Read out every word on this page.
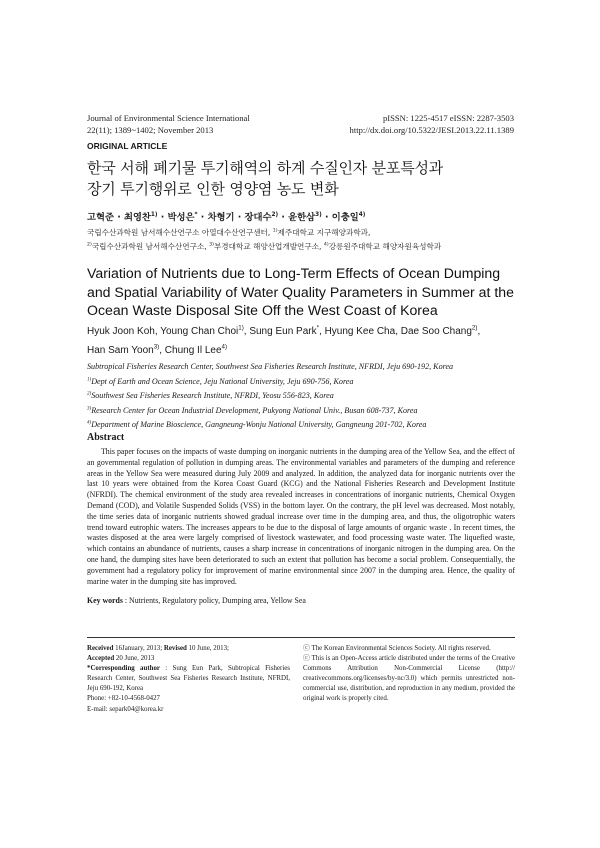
Journal of Environmental Science International
22(11); 1389~1402; November 2013
pISSN: 1225-4517 eISSN: 2287-3503
http://dx.doi.org/10.5322/JESI.2013.22.11.1389
ORIGINAL ARTICLE
한국 서해 폐기물 투기해역의 하계 수질인자 분포특성과
장기 투기행위로 인한 영양염 농도 변화
고혁준 · 최영찬$^{1)}$ · 박성은* · 차형기 · 장대수$^{2)}$ · 윤한삼$^{3)}$ · 이충일$^{4)}$
국립수산과학원 남서해수산연구소 아열대수산연구센터, $^{1)}$제주대학교 지구해양과학과,
$^{2)}$국립수산과학원 남서해수산연구소, $^{3)}$부경대학교 해양산업개발연구소, $^{4)}$강릉원주대학교 해양자원육성학과
Variation of Nutrients due to Long-Term Effects of Ocean Dumping and Spatial Variability of Water Quality Parameters in Summer at the Ocean Waste Disposal Site Off the West Coast of Korea
Hyuk Joon Koh, Young Chan Choi$^{1)}$, Sung Eun Park*, Hyung Kee Cha, Dae Soo Chang$^{2)}$,
Han Sam Yoon$^{3)}$, Chung Il Lee$^{4)}$
Subtropical Fisheries Research Center, Southwest Sea Fisheries Research Institute, NFRDI, Jeju 690-192, Korea
$^{1)}$Dept of Earth and Ocean Science, Jeju National University, Jeju 690-756, Korea
$^{2)}$Southwest Sea Fisheries Research Institute, NFRDI, Yeosu 556-823, Korea
$^{3)}$Research Center for Ocean Industrial Development, Pukyong National Univ., Busan 608-737, Korea
$^{4)}$Department of Marine Bioscience, Gangneung-Wonju National University, Gangneung 201-702, Korea
Abstract
This paper focuses on the impacts of waste dumping on inorganic nutrients in the dumping area of the Yellow Sea, and the effect of an governmental regulation of pollution in dumping areas. The environmental variables and parameters of the dumping and reference areas in the Yellow Sea were measured during July 2009 and analyzed. In addition, the analyzed data for inorganic nutrients over the last 10 years were obtained from the Korea Coast Guard (KCG) and the National Fisheries Research and Development Institute (NFRDI). The chemical environment of the study area revealed increases in concentrations of inorganic nutrients, Chemical Oxygen Demand (COD), and Volatile Suspended Solids (VSS) in the bottom layer. On the contrary, the pH level was decreased. Most notably, the time series data of inorganic nutrients showed gradual increase over time in the dumping area, and thus, the oligotrophic waters trend toward eutrophic waters. The increases appears to be due to the disposal of large amounts of organic waste . In recent times, the wastes disposed at the area were largely comprised of livestock wastewater, and food processing waste water. The liquefied waste, which contains an abundance of nutrients, causes a sharp increase in concentrations of inorganic nitrogen in the dumping area. On the one hand, the dumping sites have been deteriorated to such an extent that pollution has become a social problem. Consequentially, the government had a regulatory policy for improvement of marine environmental since 2007 in the dumping area. Hence, the quality of marine water in the dumping site has improved.
Key words : Nutrients, Regulatory policy, Dumping area, Yellow Sea
Received 16January, 2013; Revised 10 June, 2013;
Accepted 20 June, 2013
*Corresponding author : Sung Eun Park, Subtropical Fisheries Research Center, Southwest Sea Fisheries Research Institute, NFRDI, Jeju 690-192, Korea
Phone: +82-10-4568-0427
E-mail: separk04@korea.kr
ⓒ The Korean Environmental Sciences Society. All rights reserved.
ⓒ This is an Open-Access article distributed under the terms of the Creative Commons Attribution Non-Commercial License (http:// creativecommons.org/licenses/by-nc/3.0) which permits unrestricted non-commercial use, distribution, and reproduction in any medium, provided the original work is properly cited.
